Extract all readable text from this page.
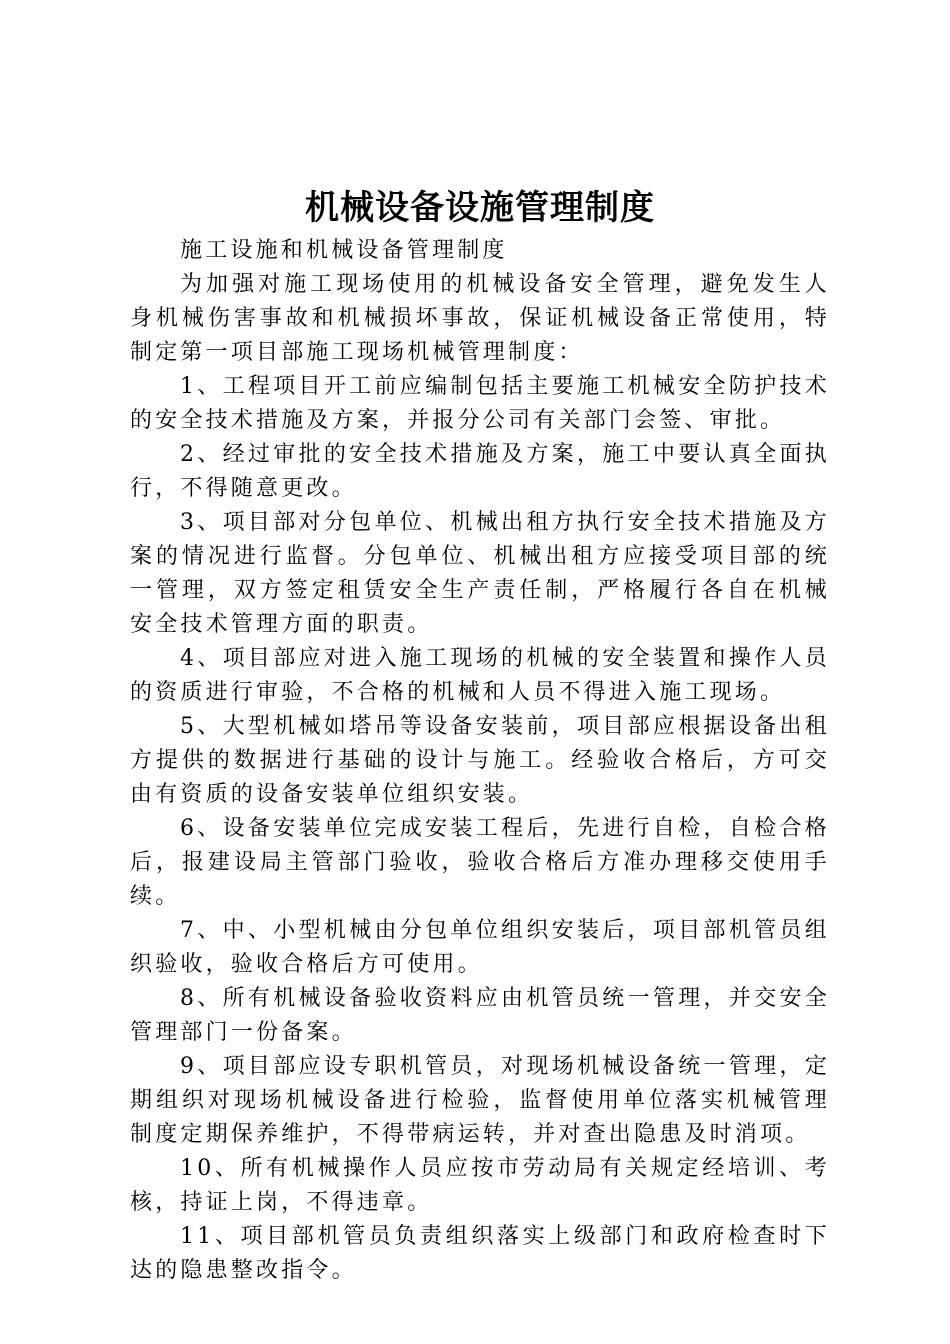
机械设备设施管理制度

施工设施和机械设备管理制度

为加强对施工现场使用的机械设备安全管理，避免发生人身机械伤害事故和机械损坏事故，保证机械设备正常使用，特制定第一项目部施工现场机械管理制度：

1、工程项目开工前应编制包括主要施工机械安全防护技术的安全技术措施及方案，并报分公司有关部门会签、审批。

2、经过审批的安全技术措施及方案，施工中要认真全面执行，不得随意更改。

3、项目部对分包单位、机械出租方执行安全技术措施及方案的情况进行监督。分包单位、机械出租方应接受项目部的统一管理，双方签定租赁安全生产责任制，严格履行各自在机械安全技术管理方面的职责。

4、项目部应对进入施工现场的机械的安全装置和操作人员的资质进行审验，不合格的机械和人员不得进入施工现场。

5、大型机械如塔吊等设备安装前，项目部应根据设备出租方提供的数据进行基础的设计与施工。经验收合格后，方可交由有资质的设备安装单位组织安装。

6、设备安装单位完成安装工程后，先进行自检，自检合格后，报建设局主管部门验收，验收合格后方准办理移交使用手续。

7、中、小型机械由分包单位组织安装后，项目部机管员组织验收，验收合格后方可使用。

8、所有机械设备验收资料应由机管员统一管理，并交安全管理部门一份备案。

9、项目部应设专职机管员，对现场机械设备统一管理，定期组织对现场机械设备进行检验，监督使用单位落实机械管理制度定期保养维护，不得带病运转，并对查出隐患及时消项。

10、所有机械操作人员应按市劳动局有关规定经培训、考核，持证上岗，不得违章。

11、项目部机管员负责组织落实上级部门和政府检查时下达的隐患整改指令。
